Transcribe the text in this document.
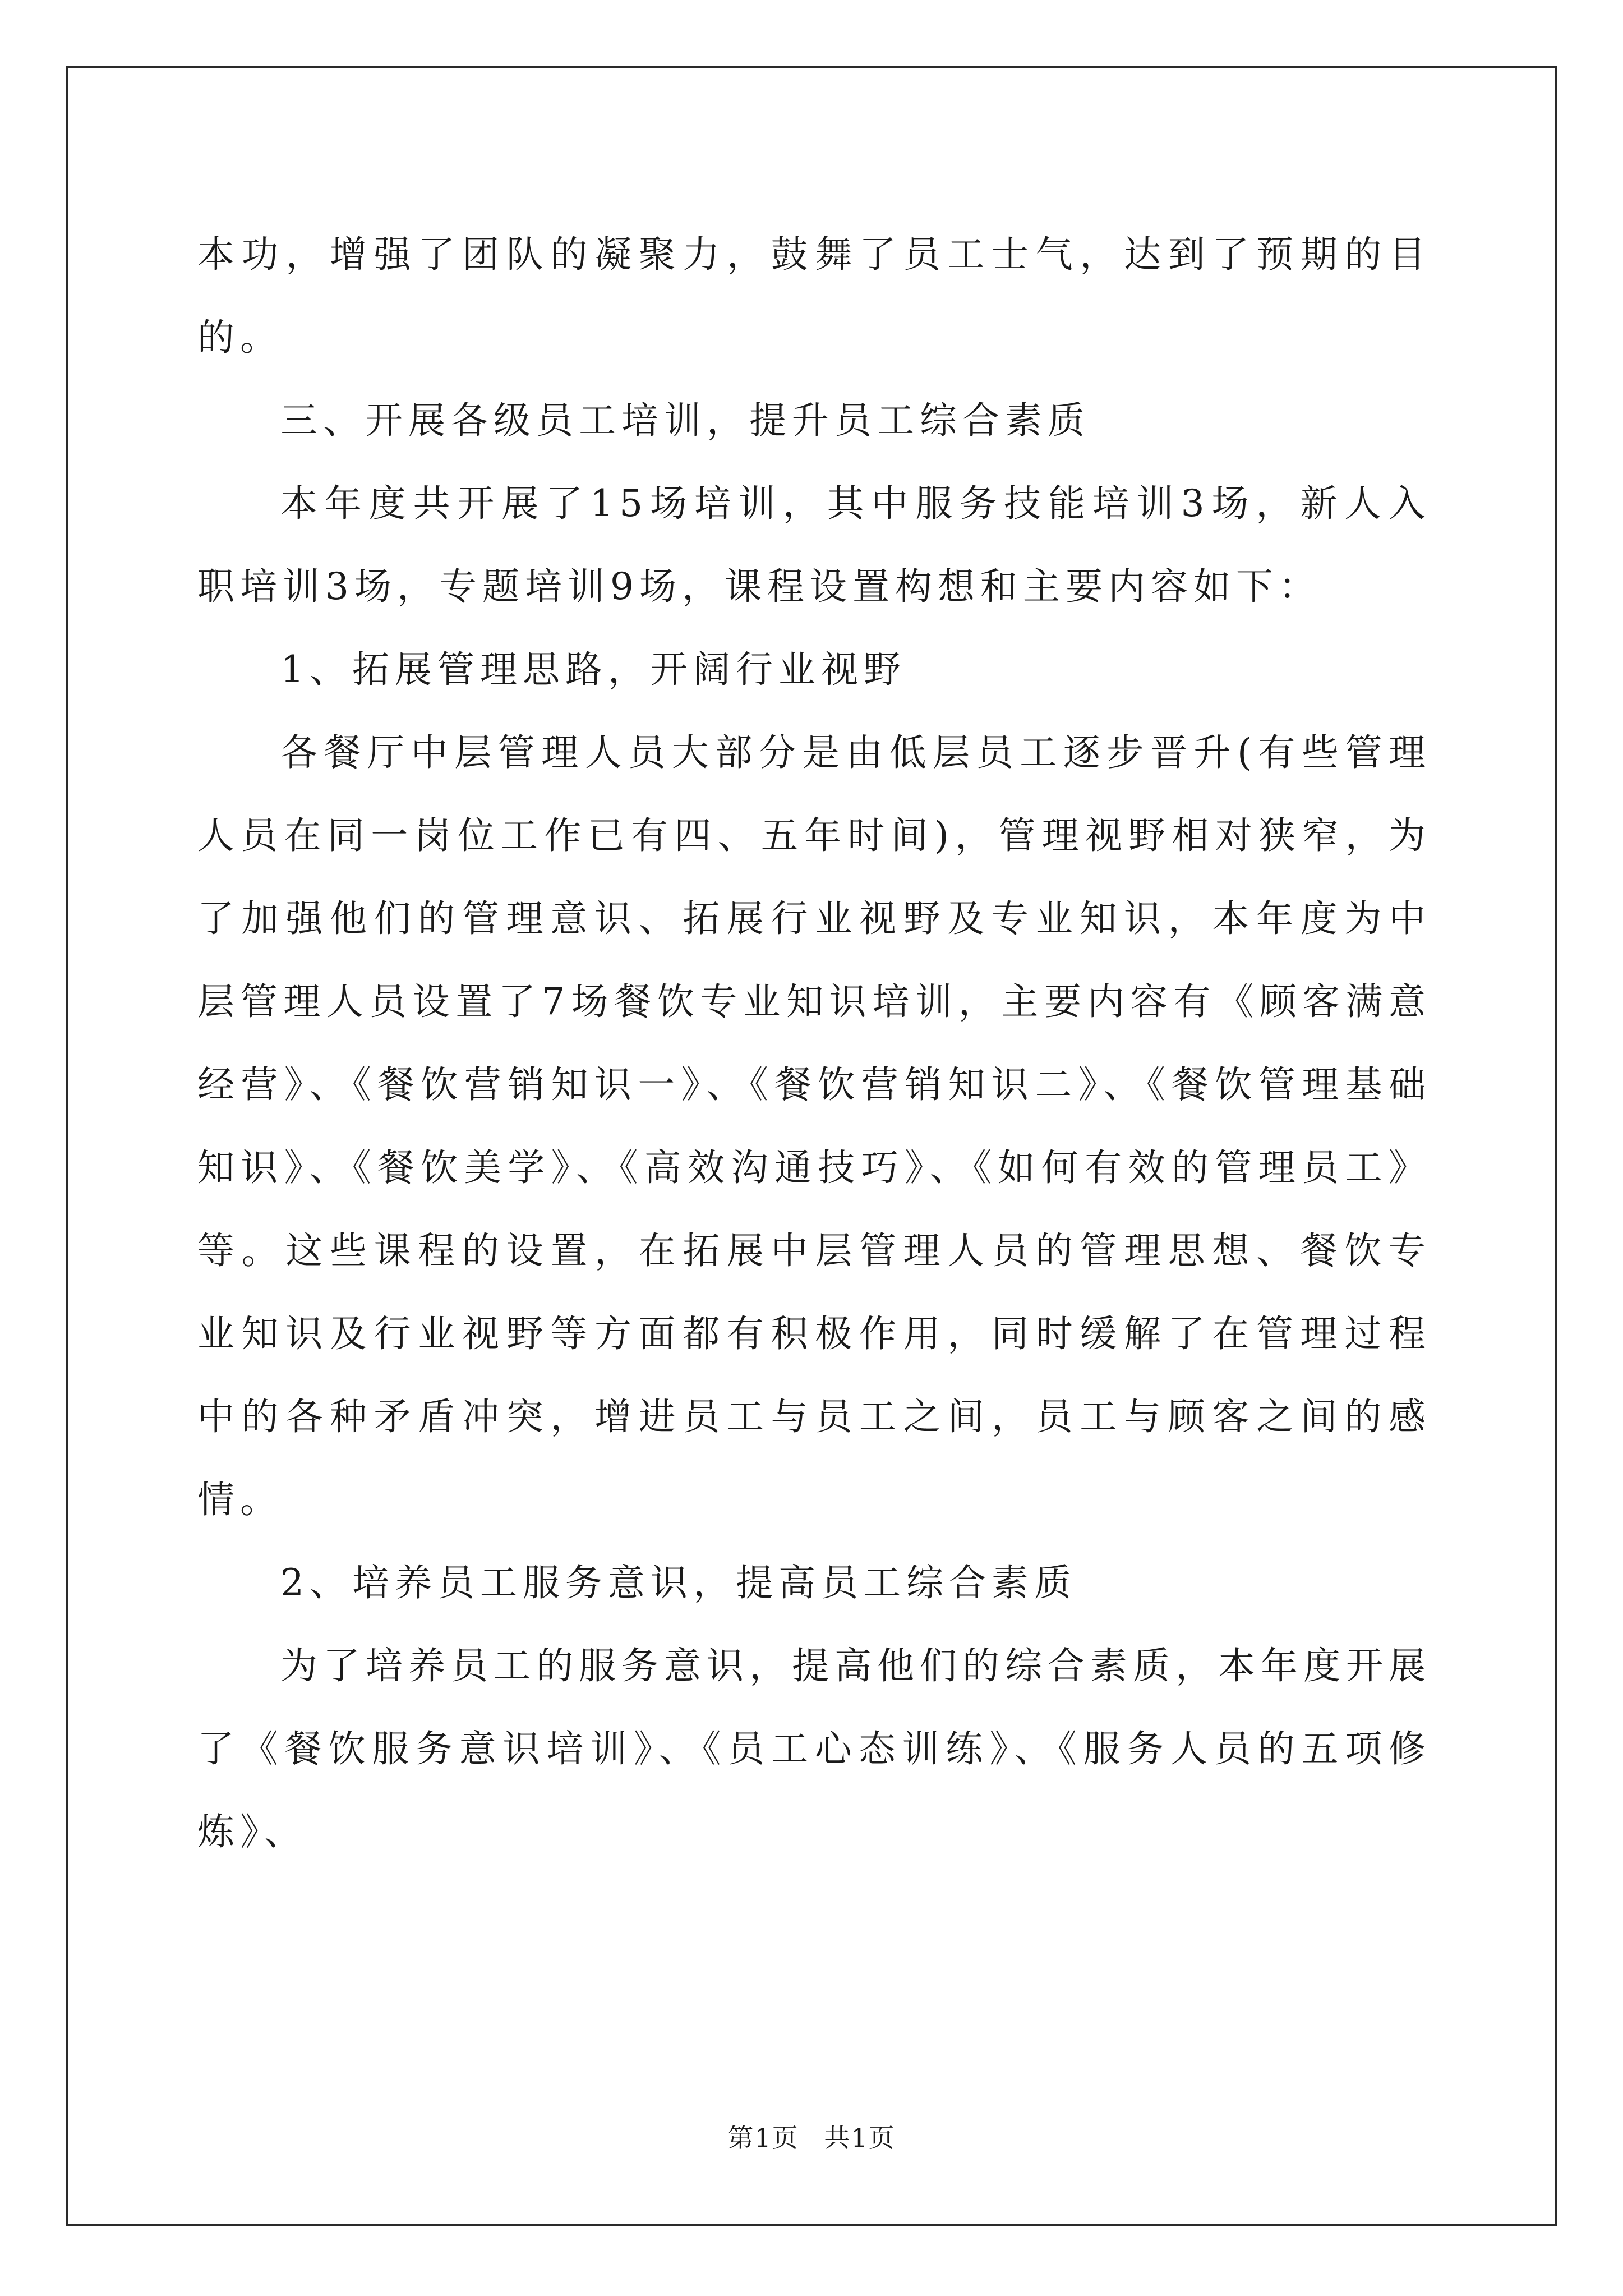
本功，增强了团队的凝聚力，鼓舞了员工士气，达到了预期的目的。

三、开展各级员工培训，提升员工综合素质

本年度共开展了15场培训，其中服务技能培训3场，新人入职培训3场，专题培训9场，课程设置构想和主要内容如下：

1、拓展管理思路，开阔行业视野

各餐厅中层管理人员大部分是由低层员工逐步晋升(有些管理人员在同一岗位工作已有四、五年时间)，管理视野相对狭窄，为了加强他们的管理意识、拓展行业视野及专业知识，本年度为中层管理人员设置了7场餐饮专业知识培训，主要内容有《顾客满意经营》、《餐饮营销知识一》、《餐饮营销知识二》、《餐饮管理基础知识》、《餐饮美学》、《高效沟通技巧》、《如何有效的管理员工》等。这些课程的设置，在拓展中层管理人员的管理思想、餐饮专业知识及行业视野等方面都有积极作用，同时缓解了在管理过程中的各种矛盾冲突，增进员工与员工之间，员工与顾客之间的感情。

2、培养员工服务意识，提高员工综合素质

为了培养员工的服务意识，提高他们的综合素质，本年度开展了《餐饮服务意识培训》、《员工心态训练》、《服务人员的五项修炼》、

第1页 共1页
